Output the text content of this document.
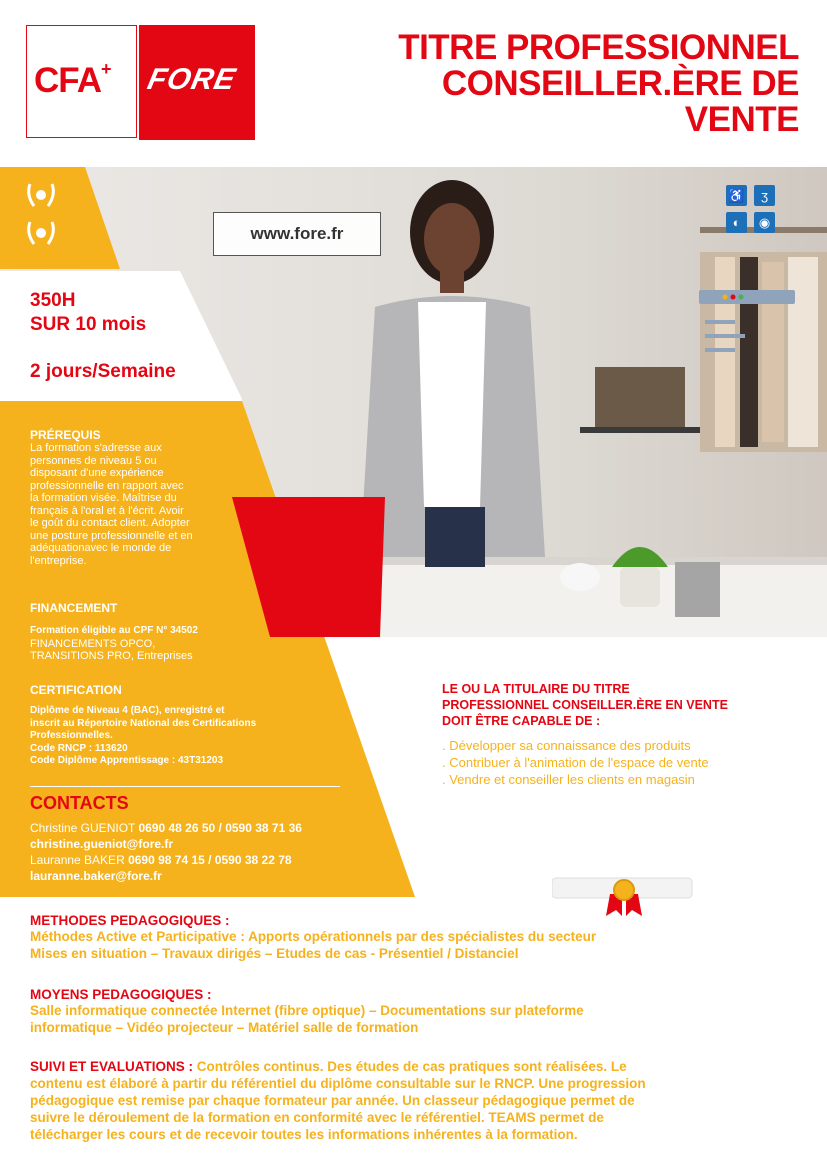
CFA+ FORE
TITRE PROFESSIONNEL
CONSEILLER.ÈRE DE
VENTE
www.fore.fr
♿	ʒ
◐	◉
350H
SUR 10 mois
2 jours/Semaine
PRÉREQUIS
La formation s'adresse aux
personnes de niveau 5 ou
disposant d'une expérience
professionnelle en rapport avec
la formation visée. Maîtrise du
français à l'oral et à l'écrit. Avoir
le goût du contact client. Adopter
une posture professionnelle et en
adéquationavec le monde de
l'entreprise.
FINANCEMENT
Formation éligible au CPF N° 34502
FINANCEMENTS OPCO,
TRANSITIONS PRO, Entreprises
CERTIFICATION
Diplôme de Niveau 4 (BAC), enregistré et
inscrit au Répertoire National des Certifications
Professionnelles.
Code RNCP : 113620
Code Diplôme Apprentissage : 43T31203
CONTACTS
Christine GUENIOT 0690 48 26 50 / 0590 38 71 36
christine.gueniot@fore.fr
Lauranne BAKER 0690 98 74 15 / 0590 38 22 78
lauranne.baker@fore.fr
LE OU LA TITULAIRE DU TITRE
PROFESSIONNEL CONSEILLER.ÈRE EN VENTE
DOIT ÊTRE CAPABLE DE :
. Développer sa connaissance des produits
. Contribuer à l'animation de l'espace de vente
. Vendre et conseiller les clients en magasin
METHODES PEDAGOGIQUES :
Méthodes Active et Participative : Apports opérationnels par des spécialistes du secteur
Mises en situation – Travaux dirigés – Etudes de cas - Présentiel / Distanciel
MOYENS PEDAGOGIQUES :
Salle informatique connectée Internet (fibre optique) – Documentations sur plateforme
informatique – Vidéo projecteur – Matériel salle de formation
SUIVI ET EVALUATIONS : Contrôles continus. Des études de cas pratiques sont réalisées. Le
contenu est élaboré à partir du référentiel du diplôme consultable sur le RNCP. Une progression
pédagogique est remise par chaque formateur par année. Un classeur pédagogique permet de
suivre le déroulement de la formation en conformité avec le référentiel. TEAMS permet de
télécharger les cours et de recevoir toutes les informations inhérentes à la formation.
